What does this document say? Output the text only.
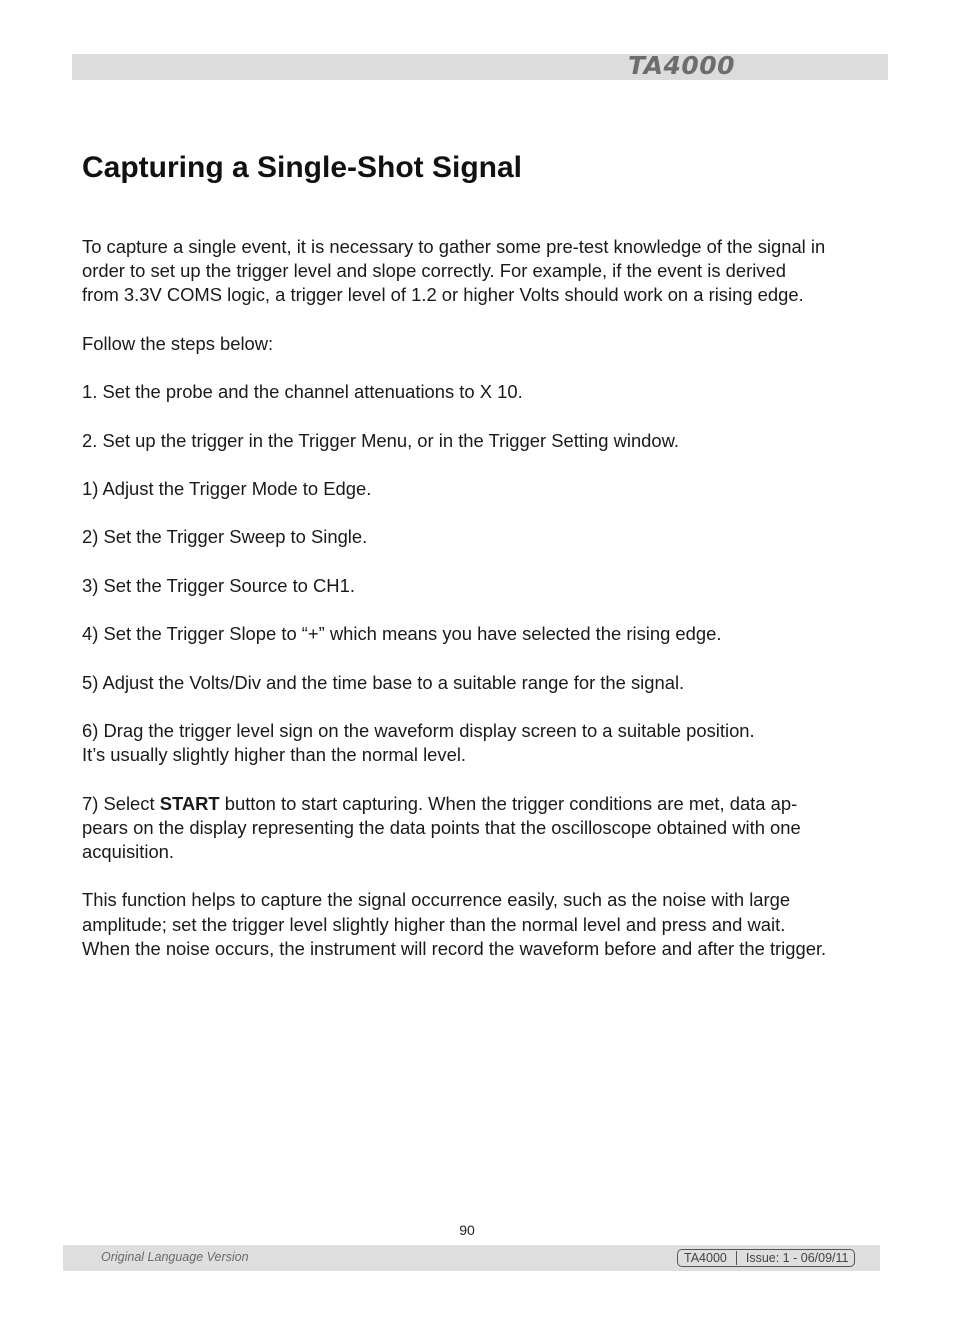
TA4000
Capturing a Single-Shot Signal

To capture a single event, it is necessary to gather some pre-test knowledge of the signal in
order to set up the trigger level and slope correctly. For example, if the event is derived
from 3.3V COMS logic, a trigger level of 1.2 or higher Volts should work on a rising edge.

Follow the steps below:

1. Set the probe and the channel attenuations to X 10.

2. Set up the trigger in the Trigger Menu, or in the Trigger Setting window.

1) Adjust the Trigger Mode to Edge.

2) Set the Trigger Sweep to Single.

3) Set the Trigger Source to CH1.

4) Set the Trigger Slope to “+” which means you have selected the rising edge.

5) Adjust the Volts/Div and the time base to a suitable range for the signal.

6) Drag the trigger level sign on the waveform display screen to a suitable position.
It’s usually slightly higher than the normal level.

7) Select START button to start capturing. When the trigger conditions are met, data ap-
pears on the display representing the data points that the oscilloscope obtained with one
acquisition.

This function helps to capture the signal occurrence easily, such as the noise with large
amplitude; set the trigger level slightly higher than the normal level and press and wait.
When the noise occurs, the instrument will record the waveform before and after the trigger.

90
Original Language Version	TA4000 Issue: 1 - 06/09/11
